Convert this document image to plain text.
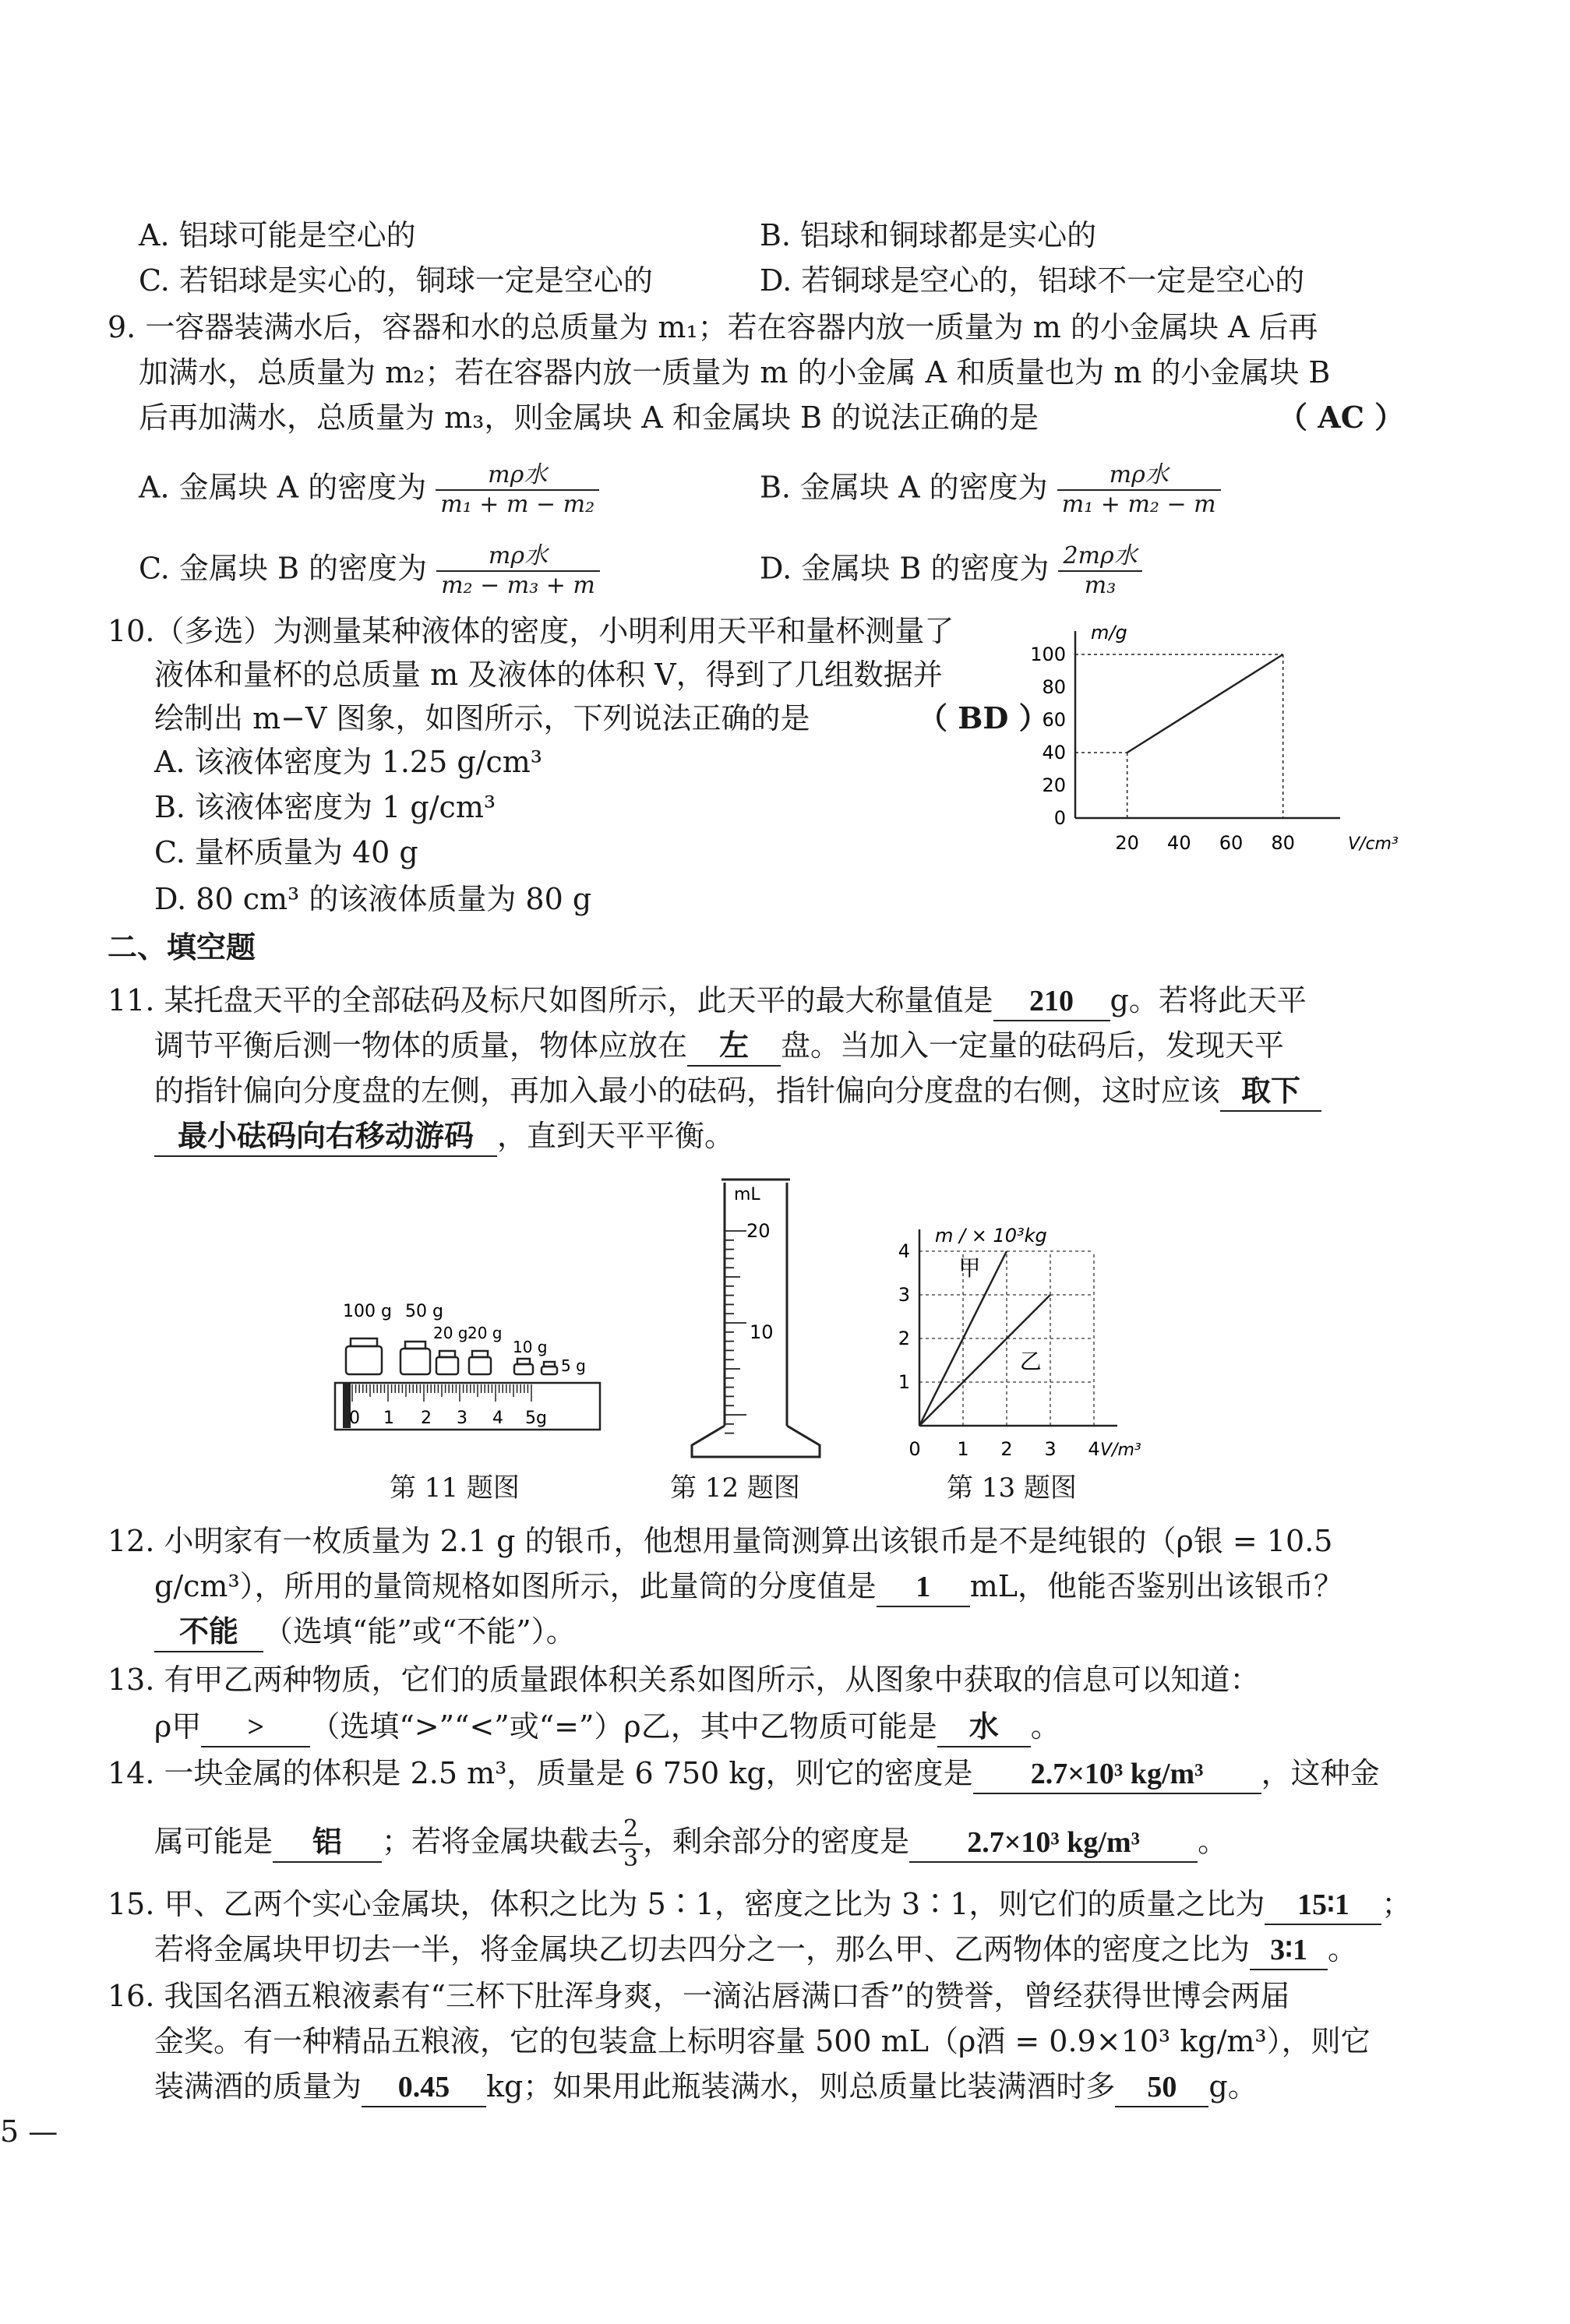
A. 铝球可能是空心的	B. 铝球和铜球都是实心的
C. 若铝球是实心的，铜球一定是空心的	D. 若铜球是空心的，铝球不一定是空心的
9. 一容器装满水后，容器和水的总质量为 m₁；若在容器内放一质量为 m 的小金属块 A 后再
加满水，总质量为 m₂；若在容器内放一质量为 m 的小金属 A 和质量也为 m 的小金属块 B
后再加满水，总质量为 m₃，则金属块 A 和金属块 B 的说法正确的是	（ AC ）
A. 金属块 A 的密度为 $\frac{\text{mρ水}}{\text{m₁ + m − m₂}}$	B. 金属块 A 的密度为 $\frac{\text{mρ水}}{\text{m₁ + m₂ − m}}$
C. 金属块 B 的密度为 $\frac{\text{mρ水}}{\text{m₂ − m₃ + m}}$	D. 金属块 B 的密度为 $\frac{\text{2mρ水}}{\text{m₃}}$
10.（多选）为测量某种液体的密度，小明利用天平和量杯测量了
液体和量杯的总质量 m 及液体的体积 V，得到了几组数据并
绘制出 m−V 图象，如图所示，下列说法正确的是	（ BD ）
A. 该液体密度为 1.25 g/cm³
B. 该液体密度为 1 g/cm³
C. 量杯质量为 40 g
D. 80 cm³ 的该液体质量为 80 g
m/g
V/cm³
0
20
40
60
80
100
20 40 60 80
二、填空题
11. 某托盘天平的全部砝码及标尺如图所示，此天平的最大称量值是 210 g。若将此天平
调节平衡后测一物体的质量，物体应放在 左 盘。当加入一定量的砝码后，发现天平
的指针偏向分度盘的左侧，再加入最小的砝码，指针偏向分度盘的右侧，这时应该 取下
最小砝码向右移动游码 ，直到天平平衡。
100 g 50 g
20 g 20 g
10 g
5 g
0 1 2 3 4 5g
第 11 题图
mL
20
10
第 12 题图
m / × 10³kg
V/m³
1
2
3
4
0 1 2 3 4
甲
乙
第 13 题图
12. 小明家有一枚质量为 2.1 g 的银币，他想用量筒测算出该银币是不是纯银的（ρ银 = 10.5
g/cm³），所用的量筒规格如图所示，此量筒的分度值是 1 mL，他能否鉴别出该银币？
不能 （选填“能”或“不能”）。
13. 有甲乙两种物质，它们的质量跟体积关系如图所示，从图象中获取的信息可以知道：
ρ甲 > （选填“>”“<”或“=”）ρ乙，其中乙物质可能是 水 。
14. 一块金属的体积是 2.5 m³，质量是 6 750 kg，则它的密度是 2.7×10³ kg/m³ ，这种金
属可能是 铝 ；若将金属块截去 $\frac{2}{3}$ ，剩余部分的密度是 2.7×10³ kg/m³ 。
15. 甲、乙两个实心金属块，体积之比为 5∶1，密度之比为 3∶1，则它们的质量之比为 15∶1 ；
若将金属块甲切去一半，将金属块乙切去四分之一，那么甲、乙两物体的密度之比为 3∶1 。
16. 我国名酒五粮液素有“三杯下肚浑身爽，一滴沾唇满口香”的赞誉，曾经获得世博会两届
金奖。有一种精品五粮液，它的包装盒上标明容量 500 mL（ρ酒 = 0.9×10³ kg/m³），则它
装满酒的质量为 0.45 kg；如果用此瓶装满水，则总质量比装满酒时多 50 g。
5 —
